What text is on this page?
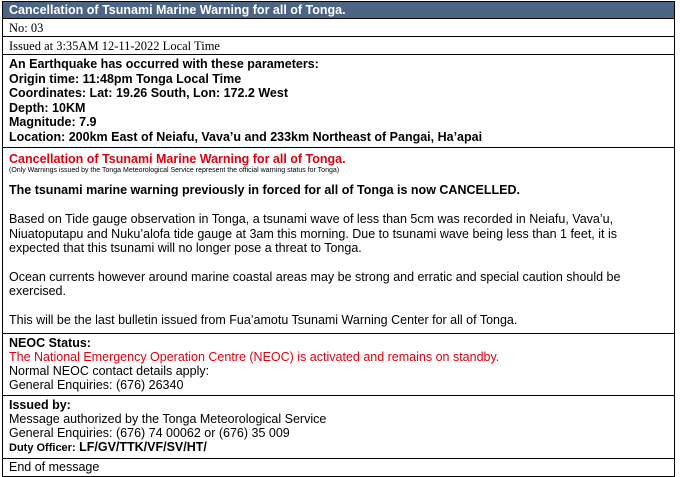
Cancellation of Tsunami Marine Warning for all of Tonga.
No: 03
Issued at 3:35AM 12-11-2022 Local Time
An Earthquake has occurred with these parameters:
Origin time: 11:48pm Tonga Local Time
Coordinates: Lat: 19.26 South, Lon: 172.2 West
Depth: 10KM
Magnitude: 7.9
Location: 200km East of Neiafu, Vava’u and 233km Northeast of Pangai, Ha’apai
Cancellation of Tsunami Marine Warning for all of Tonga.
(Only Warnings issued by the Tonga Meteorological Service represent the official warning status for Tonga)
The tsunami marine warning previously in forced for all of Tonga is now CANCELLED.
Based on Tide gauge observation in Tonga, a tsunami wave of less than 5cm was recorded in Neiafu, Vava’u, Niuatoputapu and Nuku’alofa tide gauge at 3am this morning. Due to tsunami wave being less than 1 feet, it is expected that this tsunami will no longer pose a threat to Tonga.
Ocean currents however around marine coastal areas may be strong and erratic and special caution should be exercised.
This will be the last bulletin issued from Fua’amotu Tsunami Warning Center for all of Tonga.
NEOC Status:
The National Emergency Operation Centre (NEOC) is activated and remains on standby.
Normal NEOC contact details apply:
General Enquiries: (676) 26340
Issued by:
Message authorized by the Tonga Meteorological Service
General Enquiries: (676) 74 00062 or (676) 35 009
Duty Officer: LF/GV/TTK/VF/SV/HT/
End of message
